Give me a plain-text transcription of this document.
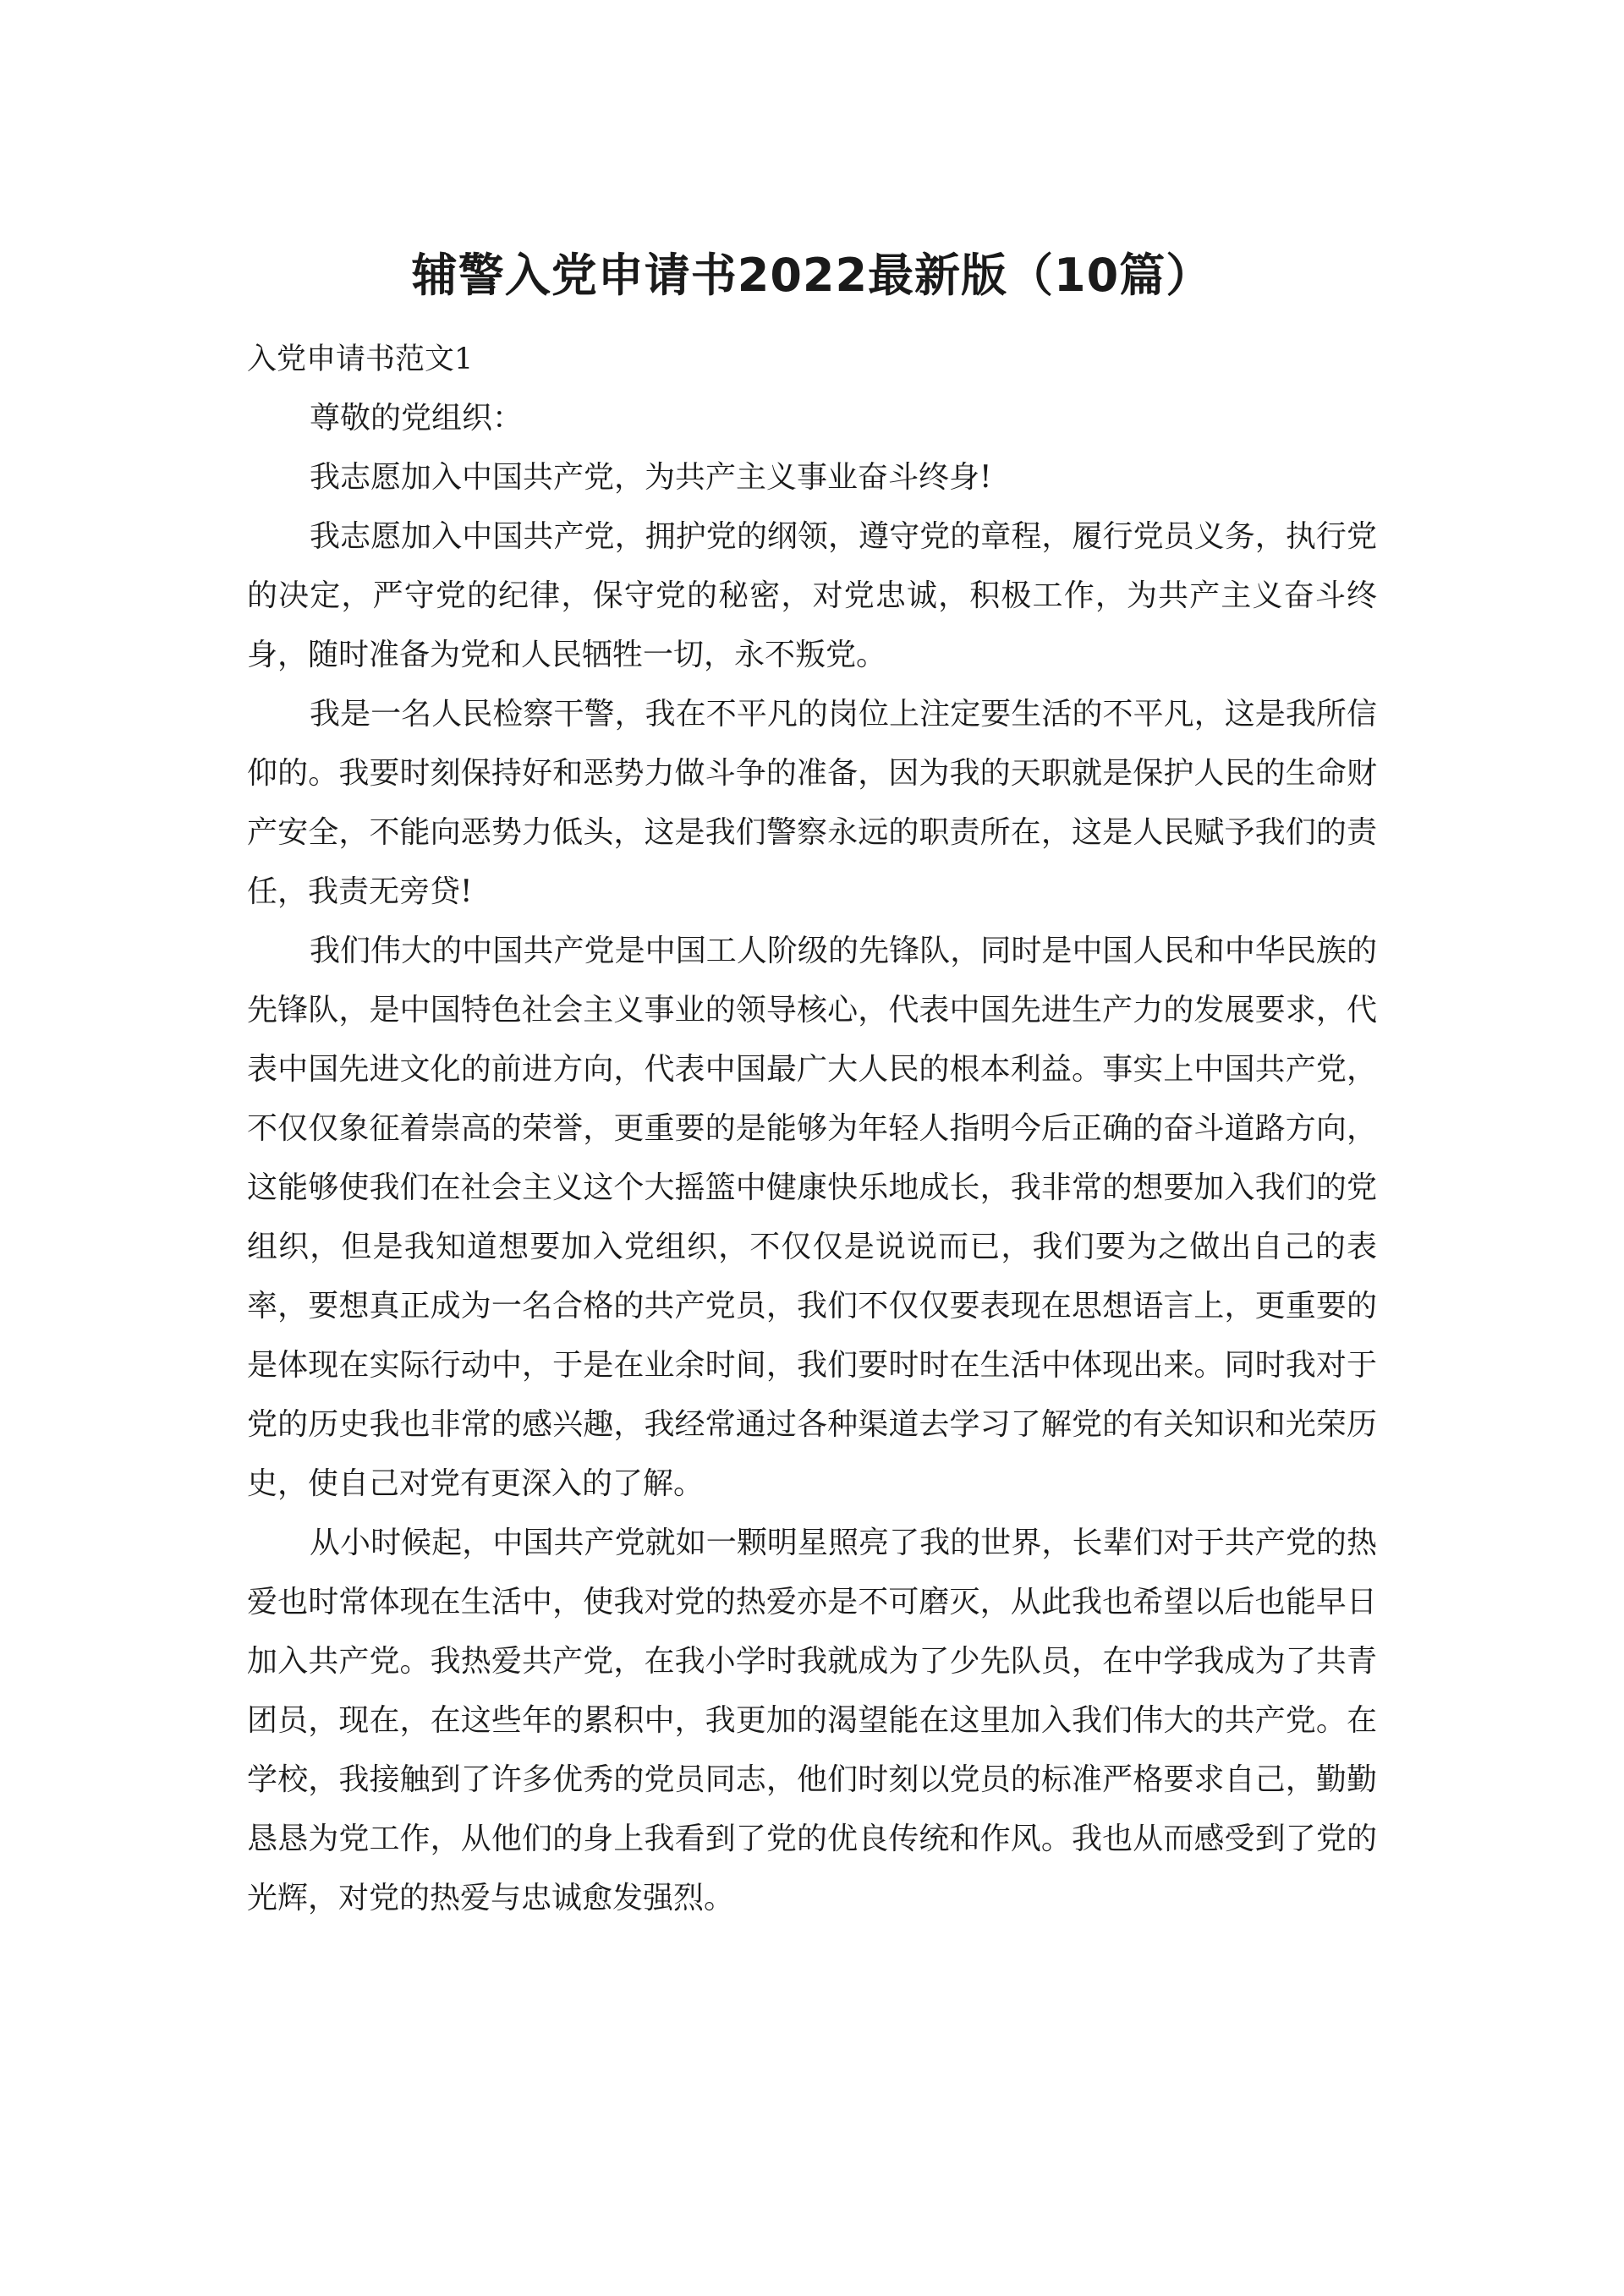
辅警入党申请书2022最新版（10篇）

入党申请书范文1

尊敬的党组织：

我志愿加入中国共产党，为共产主义事业奋斗终身!

我志愿加入中国共产党，拥护党的纲领，遵守党的章程，履行党员义务，执行党的决定，严守党的纪律，保守党的秘密，对党忠诚，积极工作，为共产主义奋斗终身，随时准备为党和人民牺牲一切，永不叛党。

我是一名人民检察干警，我在不平凡的岗位上注定要生活的不平凡，这是我所信仰的。我要时刻保持好和恶势力做斗争的准备，因为我的天职就是保护人民的生命财产安全，不能向恶势力低头，这是我们警察永远的职责所在，这是人民赋予我们的责任，我责无旁贷!

我们伟大的中国共产党是中国工人阶级的先锋队，同时是中国人民和中华民族的先锋队，是中国特色社会主义事业的领导核心，代表中国先进生产力的发展要求，代表中国先进文化的前进方向，代表中国最广大人民的根本利益。事实上中国共产党，不仅仅象征着崇高的荣誉，更重要的是能够为年轻人指明今后正确的奋斗道路方向，这能够使我们在社会主义这个大摇篮中健康快乐地成长，我非常的想要加入我们的党组织，但是我知道想要加入党组织，不仅仅是说说而已，我们要为之做出自己的表率，要想真正成为一名合格的共产党员，我们不仅仅要表现在思想语言上，更重要的是体现在实际行动中，于是在业余时间，我们要时时在生活中体现出来。同时我对于党的历史我也非常的感兴趣，我经常通过各种渠道去学习了解党的有关知识和光荣历史，使自己对党有更深入的了解。

从小时候起，中国共产党就如一颗明星照亮了我的世界，长辈们对于共产党的热爱也时常体现在生活中，使我对党的热爱亦是不可磨灭，从此我也希望以后也能早日加入共产党。我热爱共产党，在我小学时我就成为了少先队员，在中学我成为了共青团员，现在，在这些年的累积中，我更加的渴望能在这里加入我们伟大的共产党。在学校，我接触到了许多优秀的党员同志，他们时刻以党员的标准严格要求自己，勤勤恳恳为党工作，从他们的身上我看到了党的优良传统和作风。我也从而感受到了党的光辉，对党的热爱与忠诚愈发强烈。
